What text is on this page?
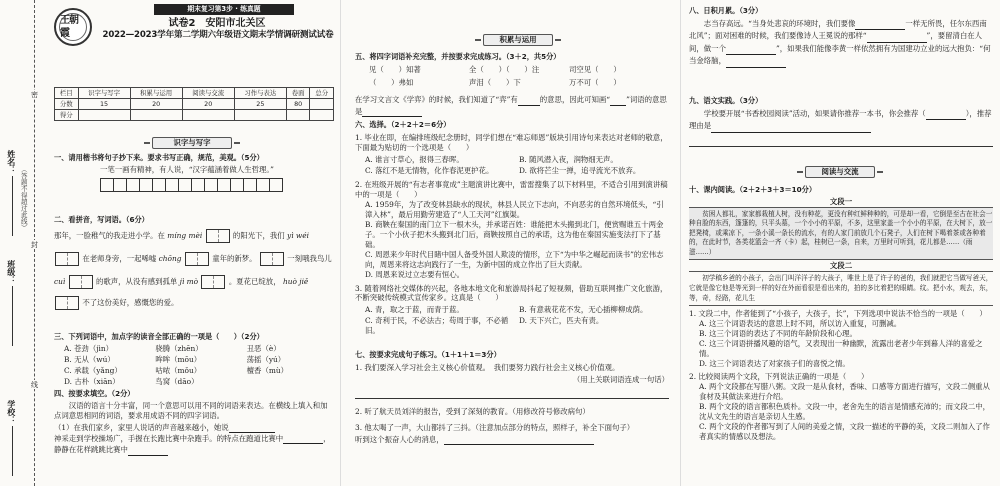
姓名：
（答题不得超过此线）
班级：
学校：
密
封
线
王朝霞
期末复习第3步 · 练真题
试卷2　安阳市北关区
2022—2023学年第二学期六年级语文期末学情调研测试试卷
栏目	识字与写字	积累与运用	阅读与交流	习作与表达	卷面	总分
分数	15	20	20	25	80	
得分						
识字与写字
一、请用楷书将句子抄下来。要求书写正确，规范，美观。（5分）
一笔一画有精神，有人说，“汉字蕴涵着做人生哲理。”
二、看拼音，写词语。（6分）
那年，一脸稚气的我走进小学。在 míng mèi	的阳光下，我们 yì wéi
在老师身旁，一起唏嘘 chōng	童年的新梦。	一刻哦我鸟儿
cuì	的歌声，从没有感到孤单 jì mò	。夏花已绽放， huò jiě
不了这份美好，感慨您的爱。
三、下列词语中，加点字的读音全部正确的一项是（　　）（2分）
A. 苍劲（jìn）	骁腾（zhēn）	丑恶（è）
B. 无从（wú）	哞哞（mōu）	荡摇（yú）
C. 承载（yǎng）	咕哝（mǒu）	檀香（mù）
D. 古朴（xiān）	鸟窝（dāo）
四、按要求填空。（2分）
汉语的语言十分丰富，同一个意思可以用不同的词语来表达。在横线上填入和加点词意思相同的词语，要求用成语不同的四字词语。
（1）在我们家乡，家里人说话的声音越来越小，她说
神采走到学校操场广，手握在长跑比赛中杂跑手。的特点在跑道比赛中	，静静在花样跳跳比赛中
积累与运用
五、将四字词语补充完整，并按要求完成练习。（3＋2，共5分）
见（　　）知著	全（　　）（　　）注	司空见（　　）
（　　）弗如	声泪（　　）下	万不可（　　）
在学习文言文《学弈》的时候，我们知道了“弈”有	的意思，因此可知画“ ”词语的意思是
六、选择。（2＋2＋2＝6分）
1. 毕业在即，在编排班级纪念册时，同学们想在“难忘师恩”版块引用诗句来表达对老师的敬意，下面最为贴切的一个选项是（　　）
A. 谁言寸草心，报得三春晖。	B. 随风潜入夜，润物细无声。
C. 落红不是无情物，化作春泥更护花。	D. 欲将芒尘一掸，追寻流光不放弃。
2. 在班级开展的“有志者事竟成”主题演讲比赛中，雷雷搜集了以下材料里，不适合引用到演讲稿中的一项是（　　）
A. 1959年，为了改变林县缺水的现状，林县人民立下志向，不向恶劣的自然环境低头，“引漳入林”，最后用勤劳建造了“人工天河”红旗渠。
B. 商鞅在秦国的南门立下一根木头，并承诺百姓：谁能把木头搬到北门，便赏赐谁五十两金子。一个小伙子把木头搬到北门后，商鞅按照自己的承诺，这为他在秦国实施变法打下了基础。
C. 周恩来少年时代目睹中国人备受外国人欺凌的情形，立下“为中华之崛起而读书”的宏伟志向，周恩来将这志向践行了一生，为新中国的成立作出了巨大贡献。
D. 周恩来说过立志要有恒心。
3. 随着网络社交媒体的兴起，各地本地文化和旅游局抖起了短视频，借助互联网推广文化旅游，不断突破传统模式宣传家乡。这真是（　　）
A. 青，取之于蓝，而青于蓝。	B. 有意栽花花不发，无心插柳柳成荫。
C. 奇利于民，不必法古；苟周于事，不必循旧。
D. 天下兴亡，匹夫有责。
七、按要求完成句子练习。（1＋1＋1＝3分）
1. 我们要深入学习社会主义核心价值观。　我们要努力践行社会主义核心价值观。
（用上关联词语连成一句话）
2. 听了航天员刘洋的报告，受到了深刻的教育。（用修改符号修改病句）
3. 他太喝了一声，大山都抖了三抖。（注意加点部分的特点，照样子，补全下面句子）
听到这个振奋人心的消息，
八、日积月累。（3分）
志当存高远。“当身处悲哀的环境时，我们要像	一样无所畏，任尔东西南北风”；面对困难的时候，我们要像诗人王冕说的那样“	”，要留清白在人间，做一个	”，如果我们能像李黄一样依然拥有为国建功立业的远大抱负：“何当金络脑，
九、语文实践。（3分）
学校要开展“书香校园阅读”活动，如果请你推荐一本书，你会推荐（	），推荐理由是
阅读与交流
十、课内阅读。（2＋2＋3＋3＝10分）
文段一
贫困人都礼，家家都栽植人树，没有种花，更没有种红鲜种种的，可是却一看，它倒是至古在社会一种自脸的东西，篷篷的，只平头墓，一个小小的平原，不多，这里家盖一个小小的平原，在大树下，放一把凳椅，或乘凉下，一条小溪一条长的流水，有的人家门前放几个石凳子，人们在树下喝着茶或各种着的，在此时节，各类花篮会一齐（卡）起，桂树已一条，自来，万里时可听到，花儿都是……（雨滋……）
文段二
初学稿乡爸的小孩子，会出门叫洋洋子的大孩子，唯世上是了许子的爸的，我们就把它当做写爸天，它就是像它他是等光到一样的好在外面看很是看出来的，拍的多比着把的眼睛。纹。把小水，观去，东，等，奇，经路，花儿生
1. 文段二中，作者能到了“小孩子，大孩子，长”，下列选项中说法不恰当的一项是（　　）
A. 这三个词语表达的意思上时不同，所以访入重复，可删减。
B. 这三个词语的表达了不同的年龄阶段和心理。
C. 这三个词语拼播风趣的语气，又表现出一种幽默，流露出老者少年到暮人洋的喜爱之情。
D. 这三个词语表达了对家孩子们的喜悦之情。
2. 比较阅读两个文段，下列说法正确的一项是（　　）
A. 两个文段都在写腊八粥。文段一是从食材，香味、口感等方面进行描写，文段二侧重从食材及其做法来进行介绍。
B. 两个文段的语言都积色质朴。文段一中，老舍先生的语言是情感充沛的；而文段二中，沈从文先生的语言是亲切人生感。
C. 两个文段的作者都写到了人间的美爱之情，文段一描述的平静的美，文段二则加入了作者真实的情感以及想法。
